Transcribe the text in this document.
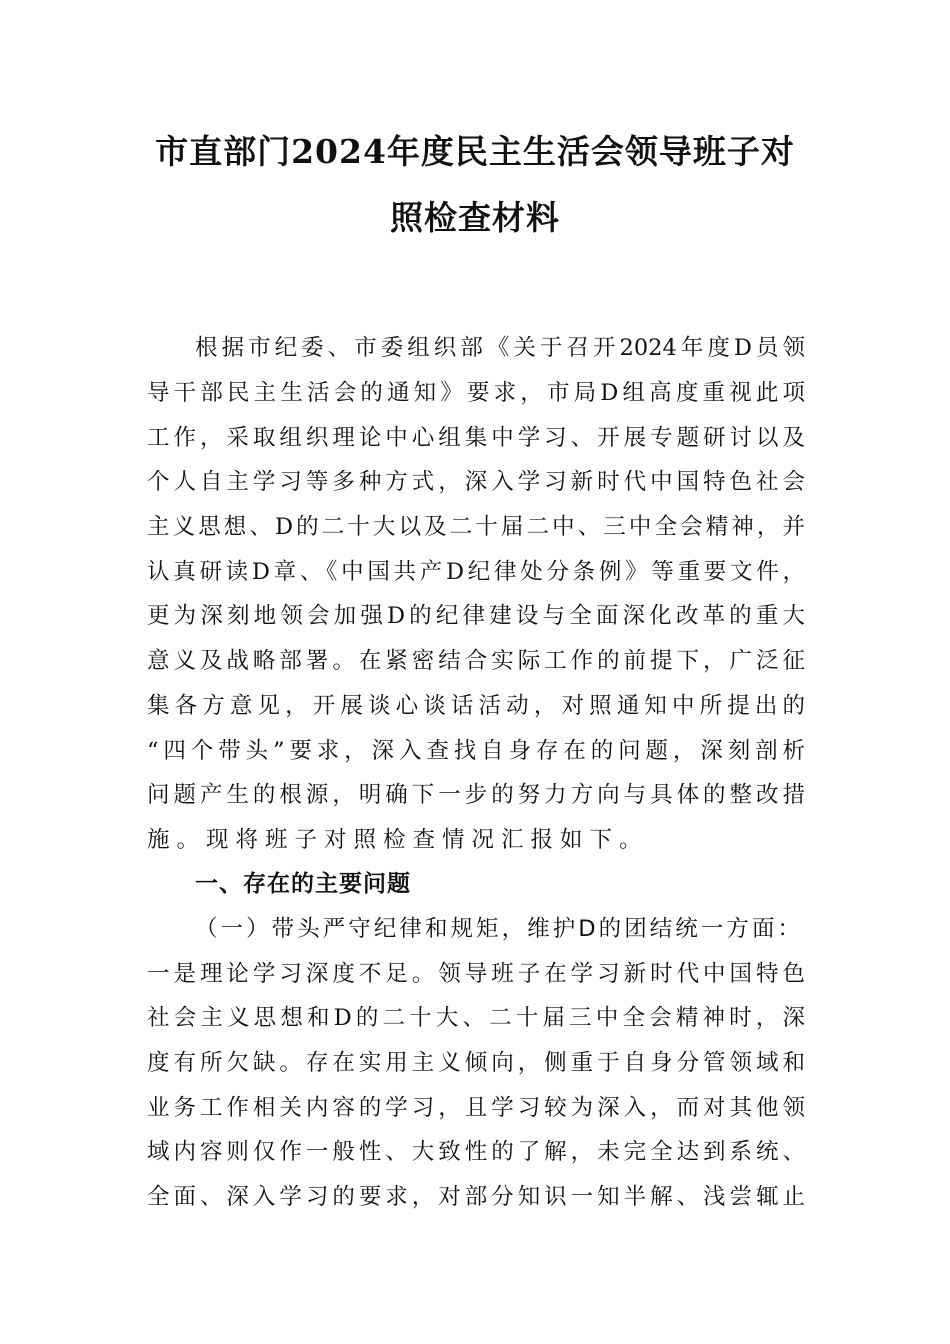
市直部门2024年度民主生活会领导班子对
照检查材料
根据市纪委、市委组织部《关于召开2024年度D员领
导干部民主生活会的通知》要求，市局D组高度重视此项
工作，采取组织理论中心组集中学习、开展专题研讨以及
个人自主学习等多种方式，深入学习新时代中国特色社会
主义思想、D的二十大以及二十届二中、三中全会精神，并
认真研读D章、《中国共产D纪律处分条例》等重要文件，
更为深刻地领会加强D的纪律建设与全面深化改革的重大
意义及战略部署。在紧密结合实际工作的前提下，广泛征
集各方意见，开展谈心谈话活动，对照通知中所提出的
“四个带头”要求，深入查找自身存在的问题，深刻剖析
问题产生的根源，明确下一步的努力方向与具体的整改措
施。现将班子对照检查情况汇报如下。
一、存在的主要问题
（一）带头严守纪律和规矩，维护D的团结统一方面：
一是理论学习深度不足。领导班子在学习新时代中国特色
社会主义思想和D的二十大、二十届三中全会精神时，深
度有所欠缺。存在实用主义倾向，侧重于自身分管领域和
业务工作相关内容的学习，且学习较为深入，而对其他领
域内容则仅作一般性、大致性的了解，未完全达到系统、
全面、深入学习的要求，对部分知识一知半解、浅尝辄止
